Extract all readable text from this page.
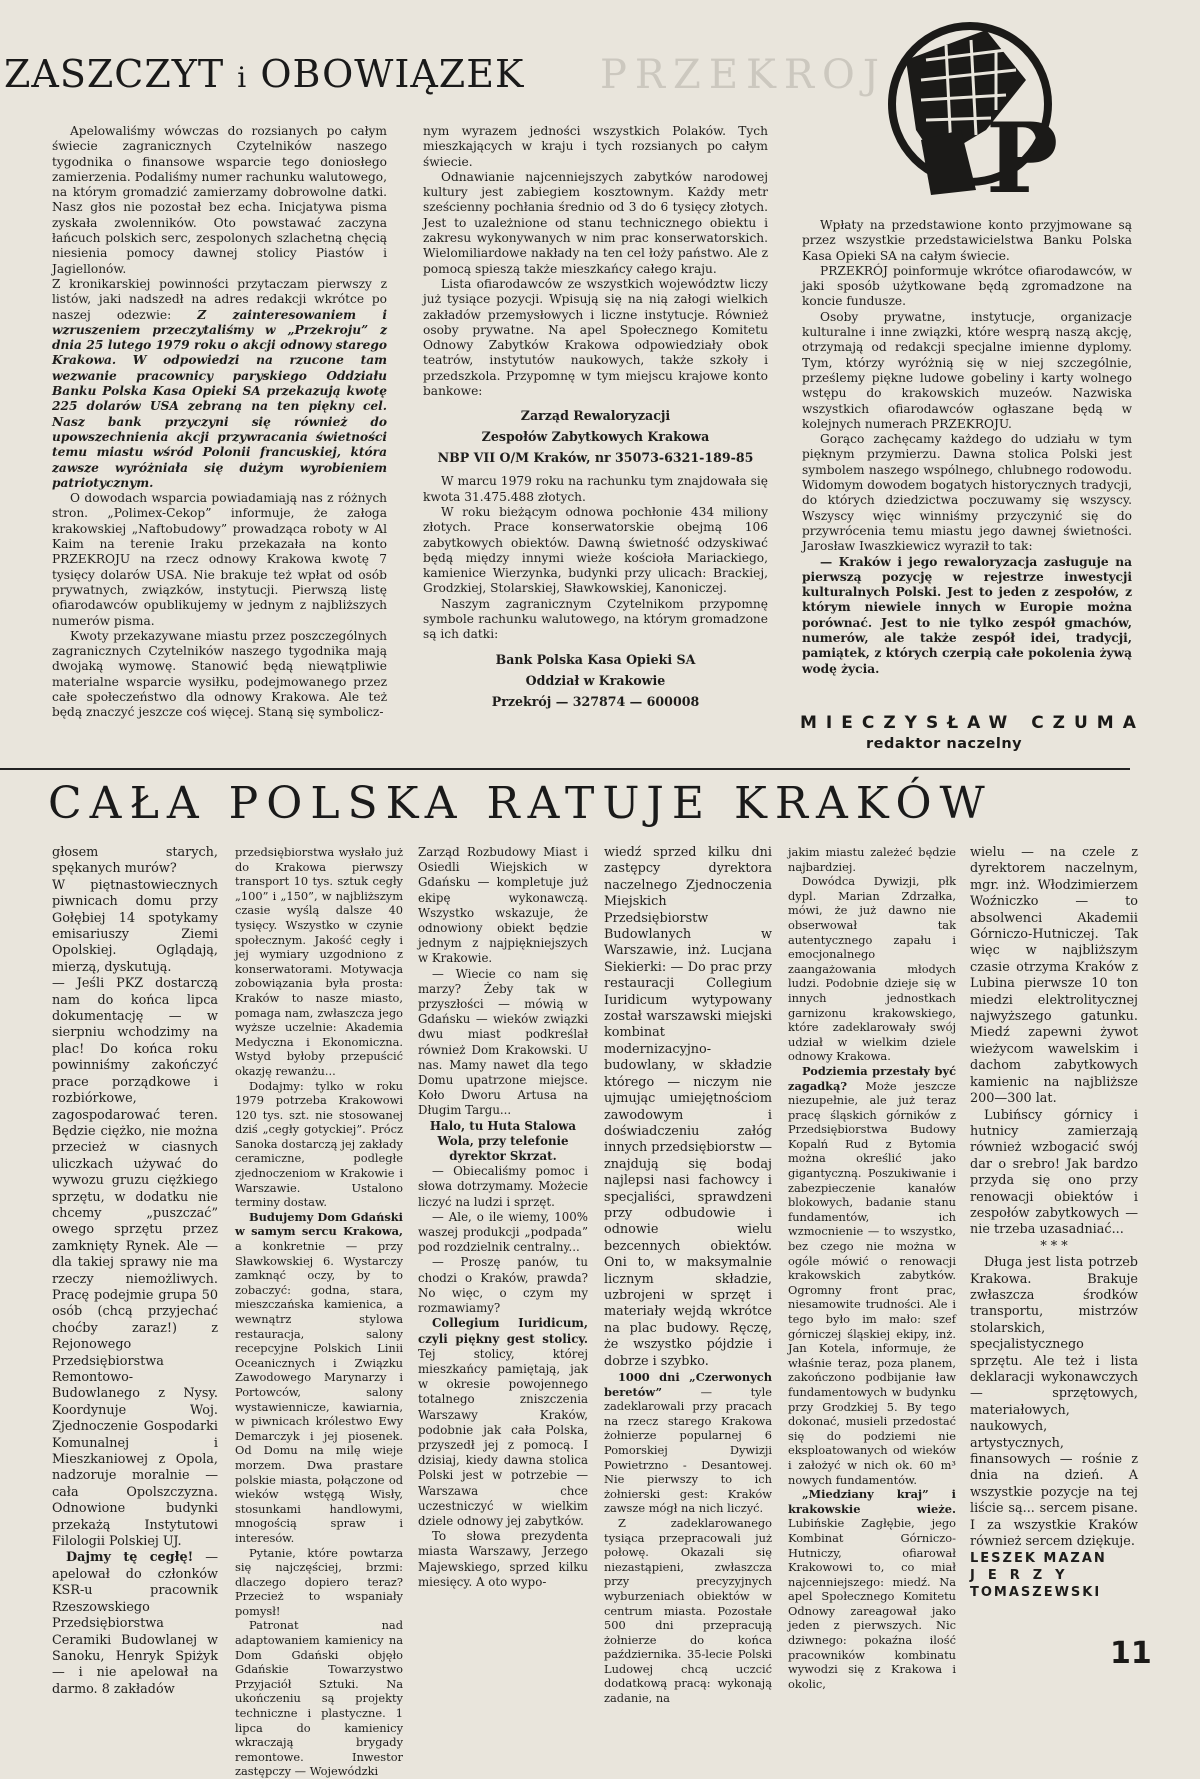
PRZEKROJ
ZASZCZYT i OBOWIĄZEK
P

Apelowaliśmy wówczas do rozsianych po całym świecie zagranicznych Czytelników naszego tygodnika o finansowe wsparcie tego doniosłego zamierzenia. Podaliśmy numer rachunku walutowego, na którym gromadzić zamierzamy dobrowolne datki. Nasz głos nie pozostał bez echa. Inicjatywa pisma zyskała zwolenników. Oto powstawać zaczyna łańcuch polskich serc, zespolonych szlachetną chęcią niesienia pomocy dawnej stolicy Piastów i Jagiellonów.

Z kronikarskiej powinności przytaczam pierwszy z listów, jaki nadszedł na adres redakcji wkrótce po naszej odezwie: Z zainteresowaniem i wzruszeniem przeczytaliśmy w „Przekroju” z dnia 25 lutego 1979 roku o akcji odnowy starego Krakowa. W odpowiedzi na rzucone tam wezwanie pracownicy paryskiego Oddziału Banku Polska Kasa Opieki SA przekazują kwotę 225 dolarów USA zebraną na ten piękny cel. Nasz bank przyczyni się również do upowszechnienia akcji przywracania świetności temu miastu wśród Polonii francuskiej, która zawsze wyróżniała się dużym wyrobieniem patriotycznym.

O dowodach wsparcia powiadamiają nas z różnych stron. „Polimex-Cekop” informuje, że załoga krakowskiej „Naftobudowy” prowadząca roboty w Al Kaim na terenie Iraku przekazała na konto PRZEKROJU na rzecz odnowy Krakowa kwotę 7 tysięcy dolarów USA. Nie brakuje też wpłat od osób prywatnych, związków, instytucji. Pierwszą listę ofiarodawców opublikujemy w jednym z najbliższych numerów pisma.

Kwoty przekazywane miastu przez poszczególnych zagranicznych Czytelników naszego tygodnika mają dwojaką wymowę. Stanowić będą niewątpliwie materialne wsparcie wysiłku, podejmowanego przez całe społeczeństwo dla odnowy Krakowa. Ale też będą znaczyć jeszcze coś więcej. Staną się symbolicz-

nym wyrazem jedności wszystkich Polaków. Tych mieszkających w kraju i tych rozsianych po całym świecie.

Odnawianie najcenniejszych zabytków narodowej kultury jest zabiegiem kosztownym. Każdy metr sześcienny pochłania średnio od 3 do 6 tysięcy złotych. Jest to uzależnione od stanu technicznego obiektu i zakresu wykonywanych w nim prac konserwatorskich. Wielomiliardowe nakłady na ten cel łoży państwo. Ale z pomocą spieszą także mieszkańcy całego kraju.

Lista ofiarodawców ze wszystkich województw liczy już tysiące pozycji. Wpisują się na nią załogi wielkich zakładów przemysłowych i liczne instytucje. Również osoby prywatne. Na apel Społecznego Komitetu Odnowy Zabytków Krakowa odpowiedziały obok teatrów, instytutów naukowych, także szkoły i przedszkola. Przypomnę w tym miejscu krajowe konto bankowe:

Zarząd Rewaloryzacji
Zespołów Zabytkowych Krakowa
NBP VII O/M Kraków, nr 35073-6321-189-85

W marcu 1979 roku na rachunku tym znajdowała się kwota 31.475.488 złotych.

W roku bieżącym odnowa pochłonie 434 miliony złotych. Prace konserwatorskie obejmą 106 zabytkowych obiektów. Dawną świetność odzyskiwać będą między innymi wieże kościoła Mariackiego, kamienice Wierzynka, budynki przy ulicach: Brackiej, Grodzkiej, Stolarskiej, Sławkowskiej, Kanoniczej.

Naszym zagranicznym Czytelnikom przypomnę symbole rachunku walutowego, na którym gromadzone są ich datki:

Bank Polska Kasa Opieki SA
Oddział w Krakowie
Przekrój — 327874 — 600008

Wpłaty na przedstawione konto przyjmowane są przez wszystkie przedstawicielstwa Banku Polska Kasa Opieki SA na całym świecie.

PRZEKRÓJ poinformuje wkrótce ofiarodawców, w jaki sposób użytkowane będą zgromadzone na koncie fundusze.

Osoby prywatne, instytucje, organizacje kulturalne i inne związki, które wesprą naszą akcję, otrzymają od redakcji specjalne imienne dyplomy. Tym, którzy wyróżnią się w niej szczególnie, prześlemy piękne ludowe gobeliny i karty wolnego wstępu do krakowskich muzeów. Nazwiska wszystkich ofiarodawców ogłaszane będą w kolejnych numerach PRZEKROJU.

Gorąco zachęcamy każdego do udziału w tym pięknym przymierzu. Dawna stolica Polski jest symbolem naszego wspólnego, chlubnego rodowodu. Widomym dowodem bogatych historycznych tradycji, do których dziedzictwa poczuwamy się wszyscy. Wszyscy więc winniśmy przyczynić się do przywrócenia temu miastu jego dawnej świetności. Jarosław Iwaszkiewicz wyraził to tak:

— Kraków i jego rewaloryzacja zasługuje na pierwszą pozycję w rejestrze inwestycji kulturalnych Polski. Jest to jeden z zespołów, z którym niewiele innych w Europie można porównać. Jest to nie tylko zespół gmachów, numerów, ale także zespół idei, tradycji, pamiątek, z których czerpią całe pokolenia żywą wodę życia.

MIECZYSŁAW CZUMA
redaktor naczelny
CAŁA POLSKA RATUJE KRAKÓW

głosem starych, spękanych murów?
W piętnastowiecznych piwnicach domu przy Gołębiej 14 spotykamy emisariuszy Ziemi Opolskiej. Oglądają, mierzą, dyskutują.
— Jeśli PKZ dostarczą nam do końca lipca dokumentację — w sierpniu wchodzimy na plac! Do końca roku powinniśmy zakończyć prace porządkowe i rozbiórkowe, zagospodarować teren. Będzie ciężko, nie można przecież w ciasnych uliczkach używać do wywozu gruzu ciężkiego sprzętu, w dodatku nie chcemy „puszczać” owego sprzętu przez zamknięty Rynek. Ale — dla takiej sprawy nie ma rzeczy niemożliwych. Pracę podejmie grupa 50 osób (chcą przyjechać choćby zaraz!) z Rejonowego Przedsiębiorstwa Remontowo-Budowlanego z Nysy. Koordynuje Woj. Zjednoczenie Gospodarki Komunalnej i Mieszkaniowej z Opola, nadzoruje moralnie — cała Opolszczyzna. Odnowione budynki przekażą Instytutowi Filologii Polskiej UJ.

Dajmy tę cegłę! — apelował do członków KSR-u pracownik Rzeszowskiego Przedsiębiorstwa Ceramiki Budowlanej w Sanoku, Henryk Spiżyk — i nie apelował na darmo. 8 zakładów

przedsiębiorstwa wysłało już do Krakowa pierwszy transport 10 tys. sztuk cegły „100” i „150”, w najbliższym czasie wyślą dalsze 40 tysięcy. Wszystko w czynie społecznym. Jakość cegły i jej wymiary uzgodniono z konserwatorami. Motywacja zobowiązania była prosta: Kraków to nasze miasto, pomaga nam, zwłaszcza jego wyższe uczelnie: Akademia Medyczna i Ekonomiczna. Wstyd byłoby przepuścić okazję rewanżu...

Dodajmy: tylko w roku 1979 potrzeba Krakowowi 120 tys. szt. nie stosowanej dziś „cegły gotyckiej”. Prócz Sanoka dostarczą jej zakłady ceramiczne, podległe zjednoczeniom w Krakowie i Warszawie. Ustalono terminy dostaw.

Budujemy Dom Gdański w samym sercu Krakowa, a konkretnie — przy Sławkowskiej 6. Wystarczy zamknąć oczy, by to zobaczyć: godna, stara, mieszczańska kamienica, a wewnątrz stylowa restauracja, salony recepcyjne Polskich Linii Oceanicznych i Związku Zawodowego Marynarzy i Portowców, salony wystawiennicze, kawiarnia, w piwnicach królestwo Ewy Demarczyk i jej piosenek. Od Domu na milę wieje morzem. Dwa prastare polskie miasta, połączone od wieków wstęgą Wisły, stosunkami handlowymi, mnogością spraw i interesów.

Pytanie, które powtarza się najczęściej, brzmi: dlaczego dopiero teraz? Przecież to wspaniały pomysł!

Patronat nad adaptowaniem kamienicy na Dom Gdański objęło Gdańskie Towarzystwo Przyjaciół Sztuki. Na ukończeniu są projekty techniczne i plastyczne. 1 lipca do kamienicy wkraczają brygady remontowe. Inwestor zastępczy — Wojewódzki

Zarząd Rozbudowy Miast i Osiedli Wiejskich w Gdańsku — kompletuje już ekipę wykonawczą. Wszystko wskazuje, że odnowiony obiekt będzie jednym z najpiękniejszych w Krakowie.

— Wiecie co nam się marzy? Żeby tak w przyszłości — mówią w Gdańsku — wieków związki dwu miast podkreślał również Dom Krakowski. U nas. Mamy nawet dla tego Domu upatrzone miejsce. Koło Dworu Artusa na Długim Targu...

Halo, tu Huta Stalowa Wola, przy telefonie dyrektor Skrzat.

— Obiecaliśmy pomoc i słowa dotrzymamy. Możecie liczyć na ludzi i sprzęt.

— Ale, o ile wiemy, 100% waszej produkcji „podpada” pod rozdzielnik centralny...

— Proszę panów, tu chodzi o Kraków, prawda? No więc, o czym my rozmawiamy?

Collegium Iuridicum, czyli piękny gest stolicy. Tej stolicy, której mieszkańcy pamiętają, jak w okresie powojennego totalnego zniszczenia Warszawy Kraków, podobnie jak cała Polska, przyszedł jej z pomocą. I dzisiaj, kiedy dawna stolica Polski jest w potrzebie — Warszawa chce uczestniczyć w wielkim dziele odnowy jej zabytków.

To słowa prezydenta miasta Warszawy, Jerzego Majewskiego, sprzed kilku miesięcy. A oto wypo-

wiedź sprzed kilku dni zastępcy dyrektora naczelnego Zjednoczenia Miejskich Przedsiębiorstw Budowlanych w Warszawie, inż. Lucjana Siekierki: — Do prac przy restauracji Collegium Iuridicum wytypowany został warszawski miejski kombinat modernizacyjno-budowlany, w składzie którego — niczym nie ujmując umiejętnościom zawodowym i doświadczeniu załóg innych przedsiębiorstw — znajdują się bodaj najlepsi nasi fachowcy i specjaliści, sprawdzeni przy odbudowie i odnowie wielu bezcennych obiektów. Oni to, w maksymalnie licznym składzie, uzbrojeni w sprzęt i materiały wejdą wkrótce na plac budowy. Ręczę, że wszystko pójdzie i dobrze i szybko.

1000 dni „Czerwonych beretów”	— tyle zadeklarowali przy pracach na rzecz starego Krakowa żołnierze popularnej 6 Pomorskiej Dywizji Powietrzno - Desantowej. Nie pierwszy to ich żołnierski gest: Kraków zawsze mógł na nich liczyć.

Z zadeklarowanego tysiąca przepracowali już połowę. Okazali się niezastąpieni, zwłaszcza przy precyzyjnych wyburzeniach obiektów w centrum miasta. Pozostałe 500 dni przepracują żołnierze do końca października. 35-lecie Polski Ludowej chcą uczcić dodatkową pracą: wykonają zadanie, na

jakim miastu zależeć będzie najbardziej.

Dowódca Dywizji, płk dypl. Marian Zdrzałka, mówi, że już dawno nie obserwował tak autentycznego zapału i emocjonalnego zaangażowania młodych ludzi. Podobnie dzieje się w innych jednostkach garnizonu krakowskiego, które zadeklarowały swój udział w wielkim dziele odnowy Krakowa.

Podziemia przestały być zagadką? Może jeszcze niezupełnie, ale już teraz pracę śląskich górników z Przedsiębiorstwa Budowy Kopalń Rud z Bytomia można określić jako gigantyczną. Poszukiwanie i zabezpieczenie kanałów blokowych, badanie stanu fundamentów, ich wzmocnienie — to wszystko, bez czego nie można w ogóle mówić o renowacji krakowskich zabytków. Ogromny front prac, niesamowite trudności. Ale i tego było im mało: szef górniczej śląskiej ekipy, inż. Jan Kotela, informuje, że właśnie teraz, poza planem, zakończono podbijanie ław fundamentowych w budynku przy Grodzkiej 5. By tego dokonać, musieli przedostać się do podziemi nie eksploatowanych od wieków i założyć w nich ok. 60 m³ nowych fundamentów.

„Miedziany kraj” i krakowskie wieże. Lubińskie Zagłębie, jego Kombinat Górniczo-Hutniczy, ofiarował Krakowowi to, co miał najcenniejszego: miedź. Na apel Społecznego Komitetu Odnowy zareagował jako jeden z pierwszych. Nic dziwnego: pokaźna ilość pracowników kombinatu wywodzi się z Krakowa i okolic,

wielu — na czele z dyrektorem naczelnym, mgr. inż. Włodzimierzem Woźniczko — to absolwenci Akademii Górniczo-Hutniczej. Tak więc w najbliższym czasie otrzyma Kraków z Lubina pierwsze 10 ton miedzi elektrolitycznej najwyższego gatunku. Miedź zapewni żywot wieżycom wawelskim i dachom zabytkowych kamienic na najbliższe 200—300 lat.

Lubińscy górnicy i hutnicy zamierzają również wzbogacić swój dar o srebro! Jak bardzo przyda się ono przy renowacji obiektów i zespołów zabytkowych — nie trzeba uzasadniać...

* * *

Długa jest lista potrzeb Krakowa. Brakuje zwłaszcza środków transportu, mistrzów stolarskich, specjalistycznego sprzętu. Ale też i lista deklaracji wykonawczych — sprzętowych, materiałowych, naukowych, artystycznych, finansowych — rośnie z dnia na dzień. A wszystkie pozycje na tej liście są... sercem pisane. I za wszystkie Kraków również sercem dziękuje.

LESZEK MAZAN
JERZY
TOMASZEWSKI
11
